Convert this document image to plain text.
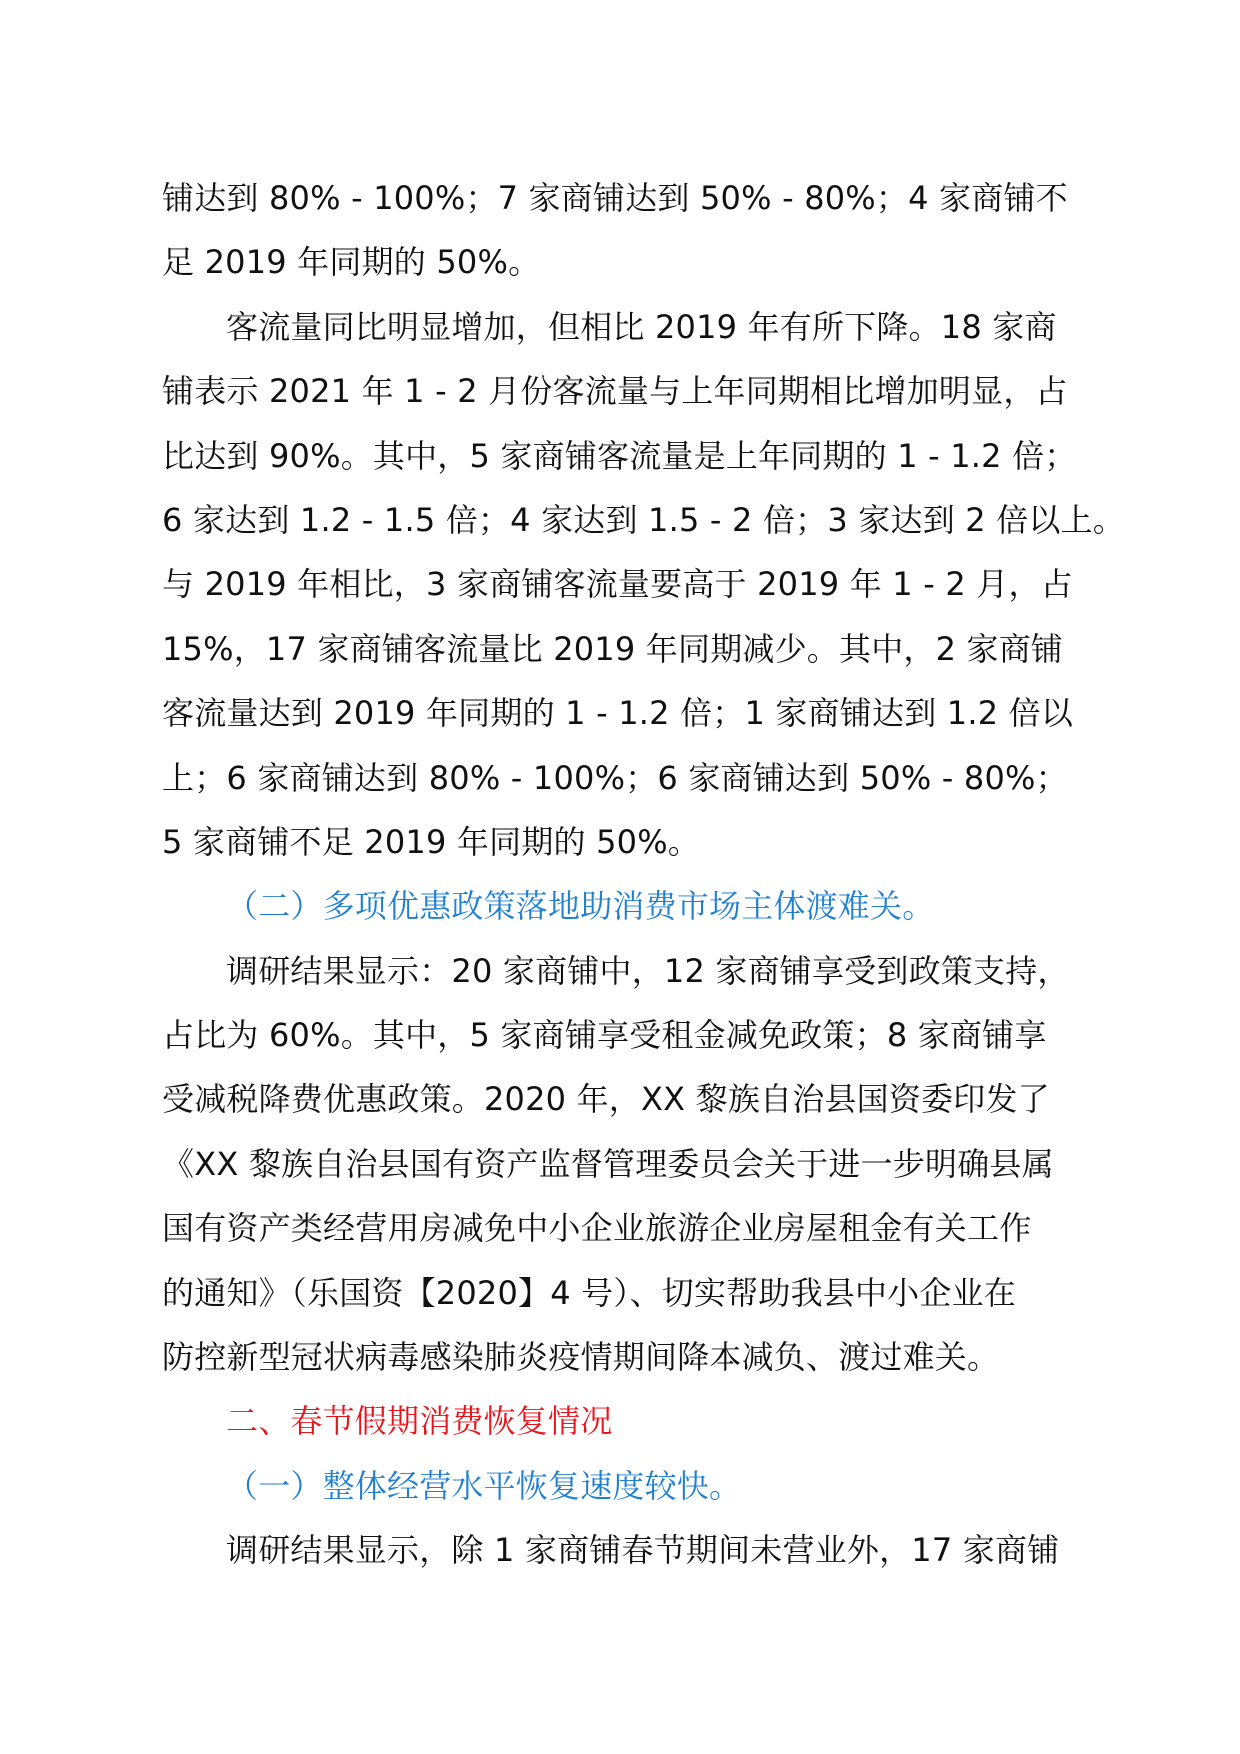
铺达到 80% - 100%；7 家商铺达到 50% - 80%；4 家商铺不
足 2019 年同期的 50%。
客流量同比明显增加，但相比 2019 年有所下降。18 家商
铺表示 2021 年 1 - 2 月份客流量与上年同期相比增加明显，占
比达到 90%。其中，5 家商铺客流量是上年同期的 1 - 1.2 倍；
6 家达到 1.2 - 1.5 倍；4 家达到 1.5 - 2 倍；3 家达到 2 倍以上。
与 2019 年相比，3 家商铺客流量要高于 2019 年 1 - 2 月，占
15%，17 家商铺客流量比 2019 年同期减少。其中，2 家商铺
客流量达到 2019 年同期的 1 - 1.2 倍；1 家商铺达到 1.2 倍以
上；6 家商铺达到 80% - 100%；6 家商铺达到 50% - 80%；
5 家商铺不足 2019 年同期的 50%。
（二）多项优惠政策落地助消费市场主体渡难关。
调研结果显示：20 家商铺中，12 家商铺享受到政策支持，
占比为 60%。其中，5 家商铺享受租金减免政策；8 家商铺享
受减税降费优惠政策。2020 年，XX 黎族自治县国资委印发了
《XX 黎族自治县国有资产监督管理委员会关于进一步明确县属
国有资产类经营用房减免中小企业旅游企业房屋租金有关工作
的通知》（乐国资【2020】4 号）、切实帮助我县中小企业在
防控新型冠状病毒感染肺炎疫情期间降本减负、渡过难关。
二、春节假期消费恢复情况
（一）整体经营水平恢复速度较快。
调研结果显示，除 1 家商铺春节期间未营业外，17 家商铺
